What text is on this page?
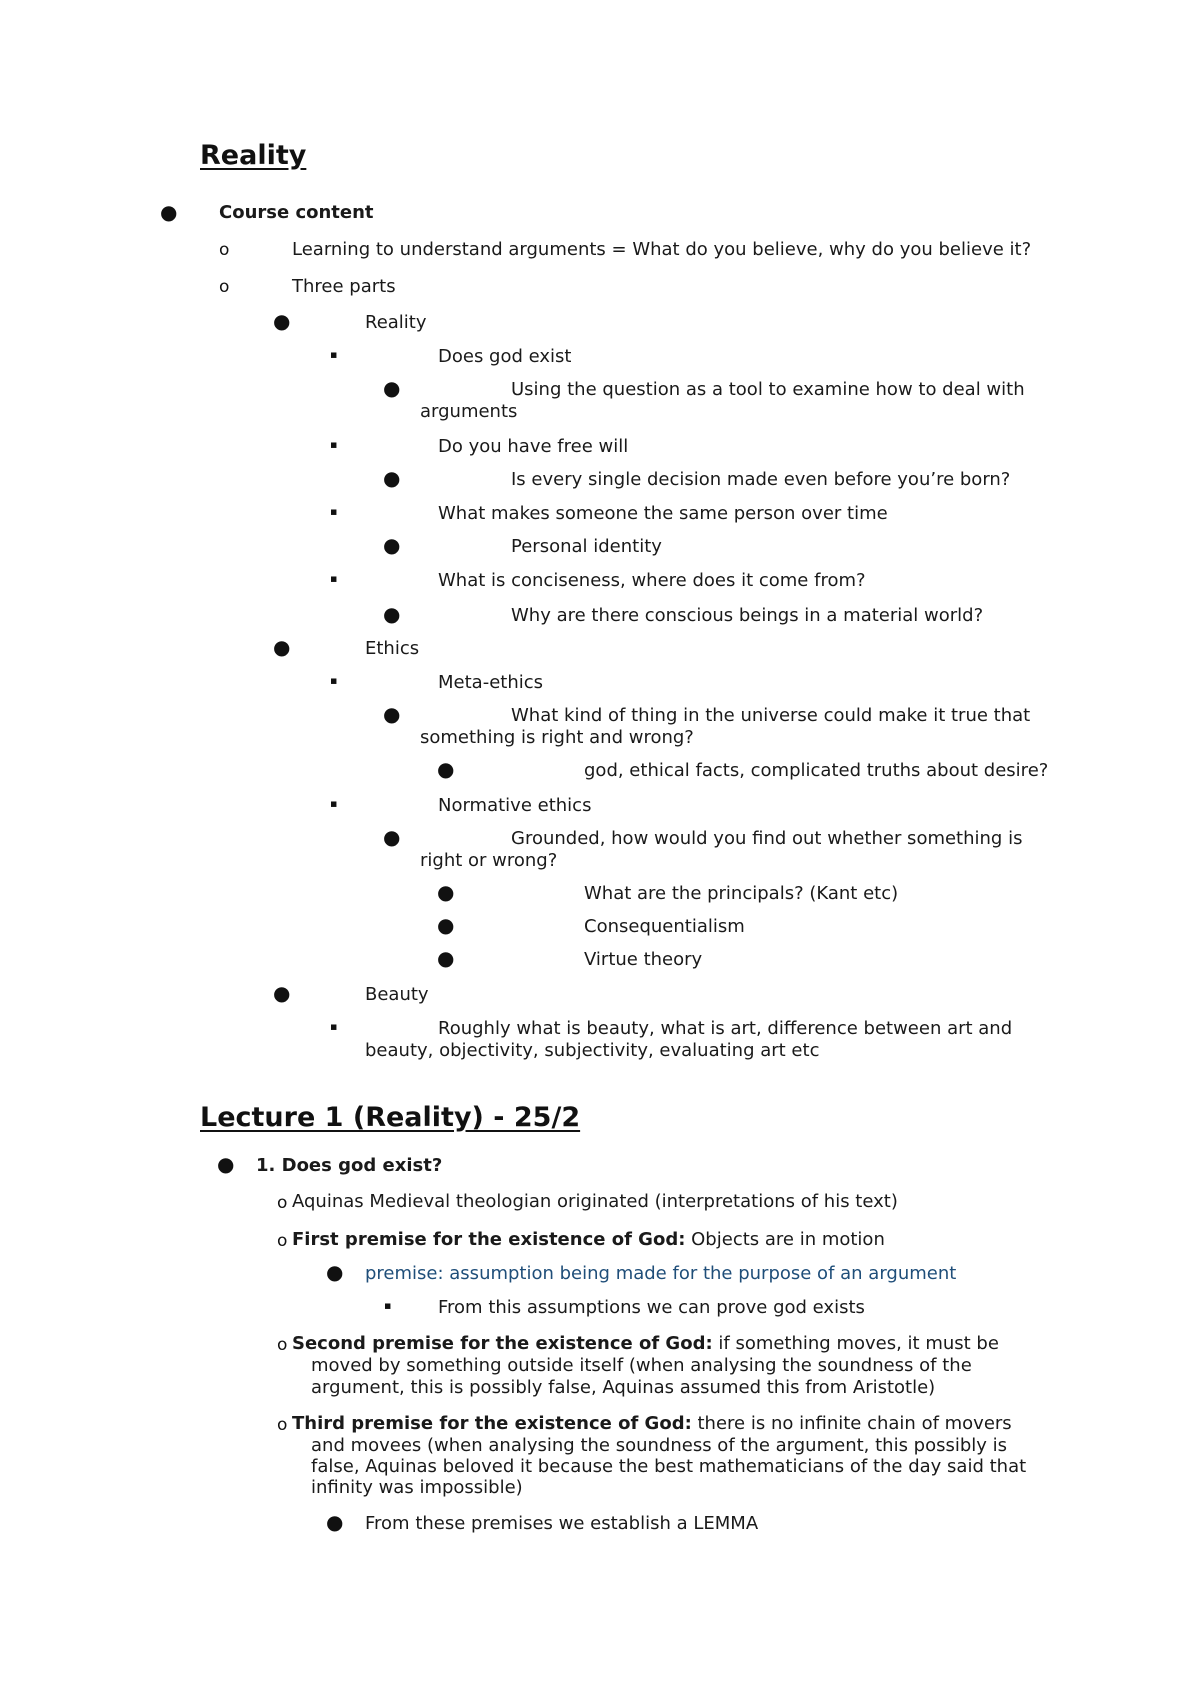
Reality
● Course content
o	Learning to understand arguments = What do you believe, why do you believe it?
o	Three parts
●	Reality
▪	Does god exist
●	Using the question as a tool to examine how to deal with
arguments
▪	Do you have free will
●	Is every single decision made even before you’re born?
▪	What makes someone the same person over time
●	Personal identity
▪	What is conciseness, where does it come from?
●	Why are there conscious beings in a material world?
●	Ethics
▪	Meta-ethics
●	What kind of thing in the universe could make it true that
something is right and wrong?
●	god, ethical facts, complicated truths about desire?
▪	Normative ethics
●	Grounded, how would you find out whether something is
right or wrong?
●	What are the principals? (Kant etc)
●	Consequentialism
●	Virtue theory
●	Beauty
▪	Roughly what is beauty, what is art, difference between art and
beauty, objectivity, subjectivity, evaluating art etc
Lecture 1 (Reality) - 25/2
● 1. Does god exist?
o Aquinas Medieval theologian originated (interpretations of his text)
o First premise for the existence of God: Objects are in motion
● premise: assumption being made for the purpose of an argument
▪	From this assumptions we can prove god exists
o Second premise for the existence of God: if something moves, it must be
moved by something outside itself (when analysing the soundness of the
argument, this is possibly false, Aquinas assumed this from Aristotle)
o Third premise for the existence of God: there is no infinite chain of movers
and movees (when analysing the soundness of the argument, this possibly is
false, Aquinas beloved it because the best mathematicians of the day said that
infinity was impossible)
● From these premises we establish a LEMMA
